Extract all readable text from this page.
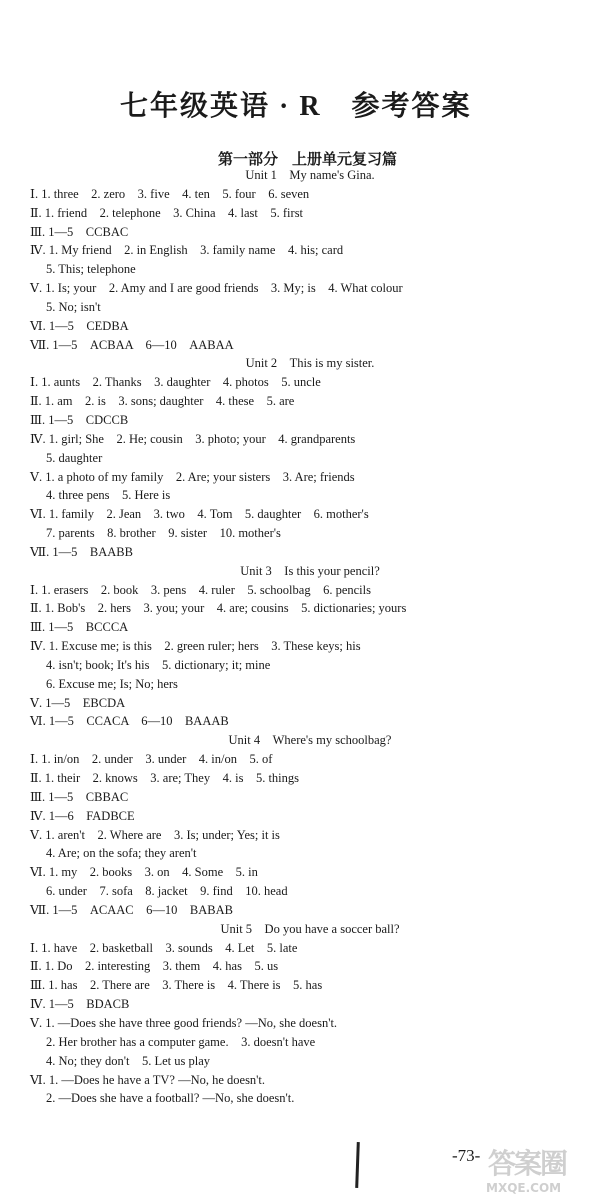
七年级英语 · R　参考答案
第一部分 上册单元复习篇
Unit 1　My name's Gina.
Ⅰ. 1. three　2. zero　3. five　4. ten　5. four　6. seven
Ⅱ. 1. friend　2. telephone　3. China　4. last　5. first
Ⅲ. 1—5　CCBAC
Ⅳ. 1. My friend　2. in English　3. family name　4. his; card
5. This; telephone
Ⅴ. 1. Is; your　2. Amy and I are good friends　3. My; is　4. What colour
5. No; isn't
Ⅵ. 1—5　CEDBA
Ⅶ. 1—5　ACBAA　6—10　AABAA
Unit 2　This is my sister.
Ⅰ. 1. aunts　2. Thanks　3. daughter　4. photos　5. uncle
Ⅱ. 1. am　2. is　3. sons; daughter　4. these　5. are
Ⅲ. 1—5　CDCCB
Ⅳ. 1. girl; She　2. He; cousin　3. photo; your　4. grandparents
5. daughter
Ⅴ. 1. a photo of my family　2. Are; your sisters　3. Are; friends
4. three pens　5. Here is
Ⅵ. 1. family　2. Jean　3. two　4. Tom　5. daughter　6. mother's
7. parents　8. brother　9. sister　10. mother's
Ⅶ. 1—5　BAABB
Unit 3　Is this your pencil?
Ⅰ. 1. erasers　2. book　3. pens　4. ruler　5. schoolbag　6. pencils
Ⅱ. 1. Bob's　2. hers　3. you; your　4. are; cousins　5. dictionaries; yours
Ⅲ. 1—5　BCCCA
Ⅳ. 1. Excuse me; is this　2. green ruler; hers　3. These keys; his
4. isn't; book; It's his　5. dictionary; it; mine
6. Excuse me; Is; No; hers
Ⅴ. 1—5　EBCDA
Ⅵ. 1—5　CCACA　6—10　BAAAB
Unit 4　Where's my schoolbag?
Ⅰ. 1. in/on　2. under　3. under　4. in/on　5. of
Ⅱ. 1. their　2. knows　3. are; They　4. is　5. things
Ⅲ. 1—5　CBBAC
Ⅳ. 1—6　FADBCE
Ⅴ. 1. aren't　2. Where are　3. Is; under; Yes; it is
4. Are; on the sofa; they aren't
Ⅵ. 1. my　2. books　3. on　4. Some　5. in
6. under　7. sofa　8. jacket　9. find　10. head
Ⅶ. 1—5　ACAAC　6—10　BABAB
Unit 5　Do you have a soccer ball?
Ⅰ. 1. have　2. basketball　3. sounds　4. Let　5. late
Ⅱ. 1. Do　2. interesting　3. them　4. has　5. us
Ⅲ. 1. has　2. There are　3. There is　4. There is　5. has
Ⅳ. 1—5　BDACB
Ⅴ. 1. —Does she have three good friends? —No, she doesn't.
2. Her brother has a computer game.　3. doesn't have
4. No; they don't　5. Let us play
Ⅵ. 1. —Does he have a TV? —No, he doesn't.
2. —Does she have a football? —No, she doesn't.
-73- 答案圈
MXQE.COM
